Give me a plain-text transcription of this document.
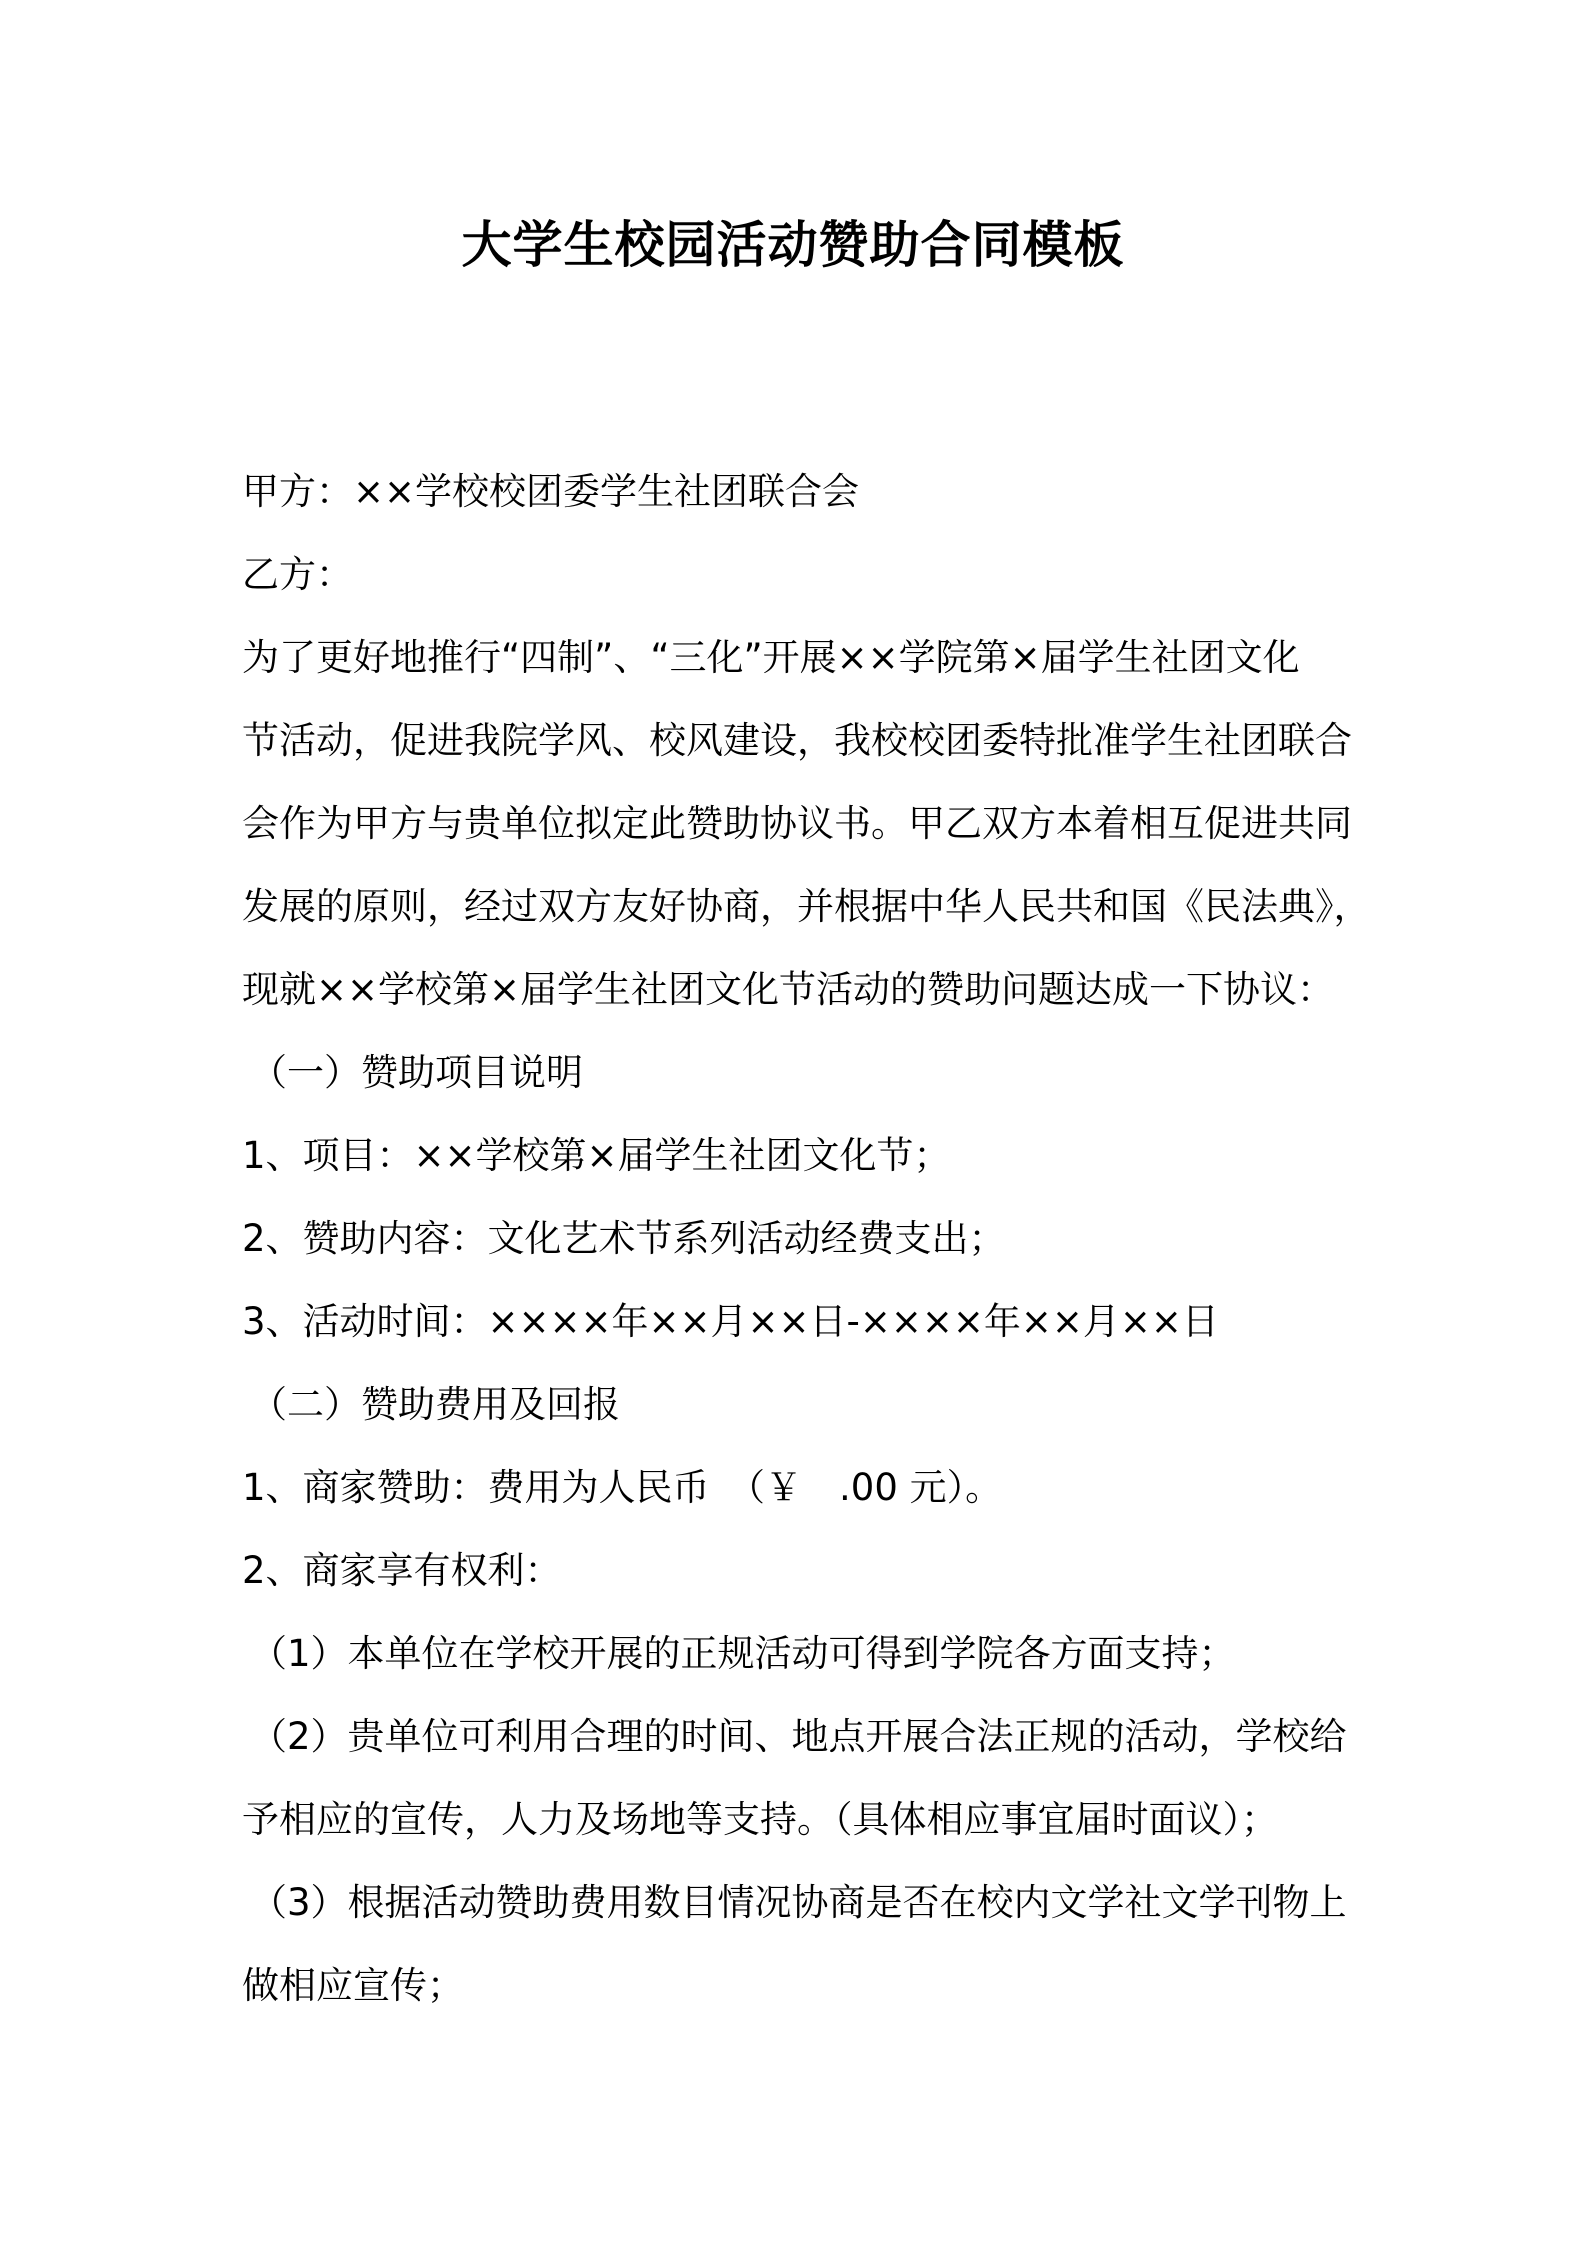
大学生校园活动赞助合同模板

甲方：××学校校团委学生社团联合会

乙方：

为了更好地推行“四制”、“三化”开展××学院第×届学生社团文化

节活动，促进我院学风、校风建设，我校校团委特批准学生社团联合

会作为甲方与贵单位拟定此赞助协议书。甲乙双方本着相互促进共同

发展的原则，经过双方友好协商，并根据中华人民共和国《民法典》，

现就××学校第×届学生社团文化节活动的赞助问题达成一下协议：

（一）赞助项目说明

1、项目：××学校第×届学生社团文化节；

2、赞助内容：文化艺术节系列活动经费支出；

3、活动时间：××××年××月××日-××××年××月××日

（二）赞助费用及回报

1、商家赞助：费用为人民币　（￥　.00 元）。

2、商家享有权利：

（1）本单位在学校开展的正规活动可得到学院各方面支持；

（2）贵单位可利用合理的时间、地点开展合法正规的活动，学校给

予相应的宣传，人力及场地等支持。（具体相应事宜届时面议）；

（3）根据活动赞助费用数目情况协商是否在校内文学社文学刊物上

做相应宣传；
